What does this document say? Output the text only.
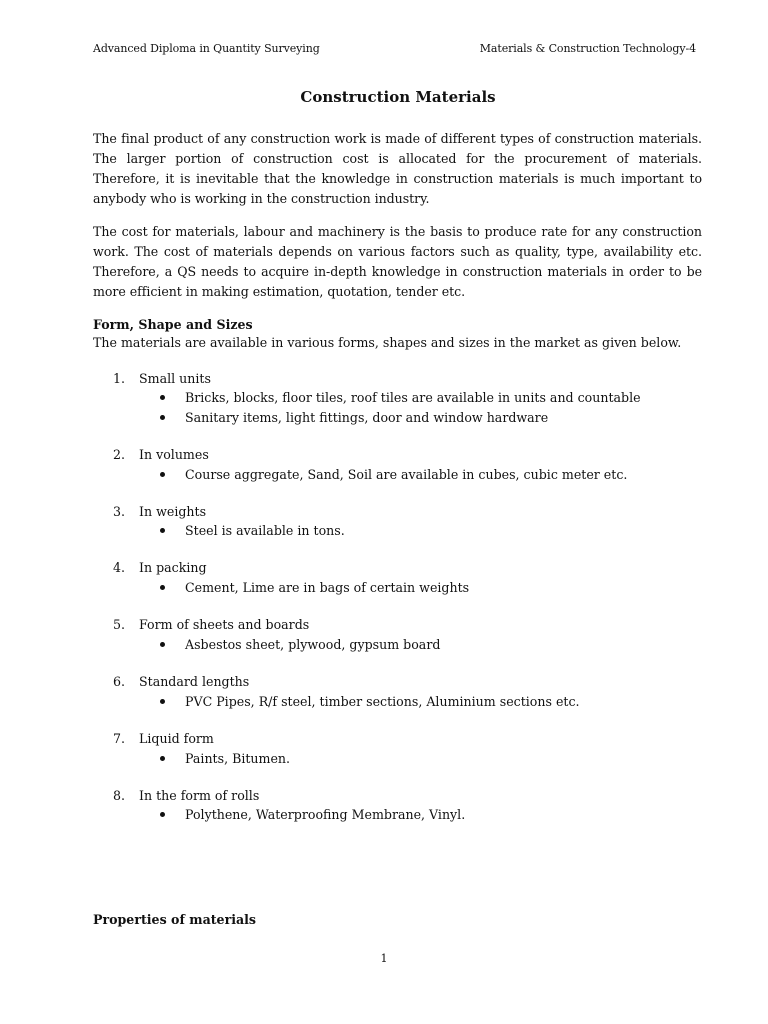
Advanced Diploma in Quantity Surveying	Materials & Construction Technology-4
Construction Materials
The final product of any construction work is made of different types of construction materials. The larger portion of construction cost is allocated for the procurement of materials. Therefore, it is inevitable that the knowledge in construction materials is much important to anybody who is working in the construction industry.
The cost for materials, labour and machinery is the basis to produce rate for any construction work. The cost of materials depends on various factors such as quality, type, availability etc. Therefore, a QS needs to acquire in-depth knowledge in construction materials in order to be more efficient in making estimation, quotation, tender etc.
Form, Shape and Sizes
The materials are available in various forms, shapes and sizes in the market as given below.
1. Small units
Bricks, blocks, floor tiles, roof tiles are available in units and countable
Sanitary items, light fittings, door and window hardware
2. In volumes
Course aggregate, Sand, Soil are available in cubes, cubic meter etc.
3. In weights
Steel is available in tons.
4. In packing
Cement, Lime are in bags of certain weights
5. Form of sheets and boards
Asbestos sheet, plywood, gypsum board
6. Standard lengths
PVC Pipes, R/f steel, timber sections, Aluminium sections etc.
7. Liquid form
Paints, Bitumen.
8. In the form of rolls
Polythene, Waterproofing Membrane, Vinyl.
Properties of materials
1
